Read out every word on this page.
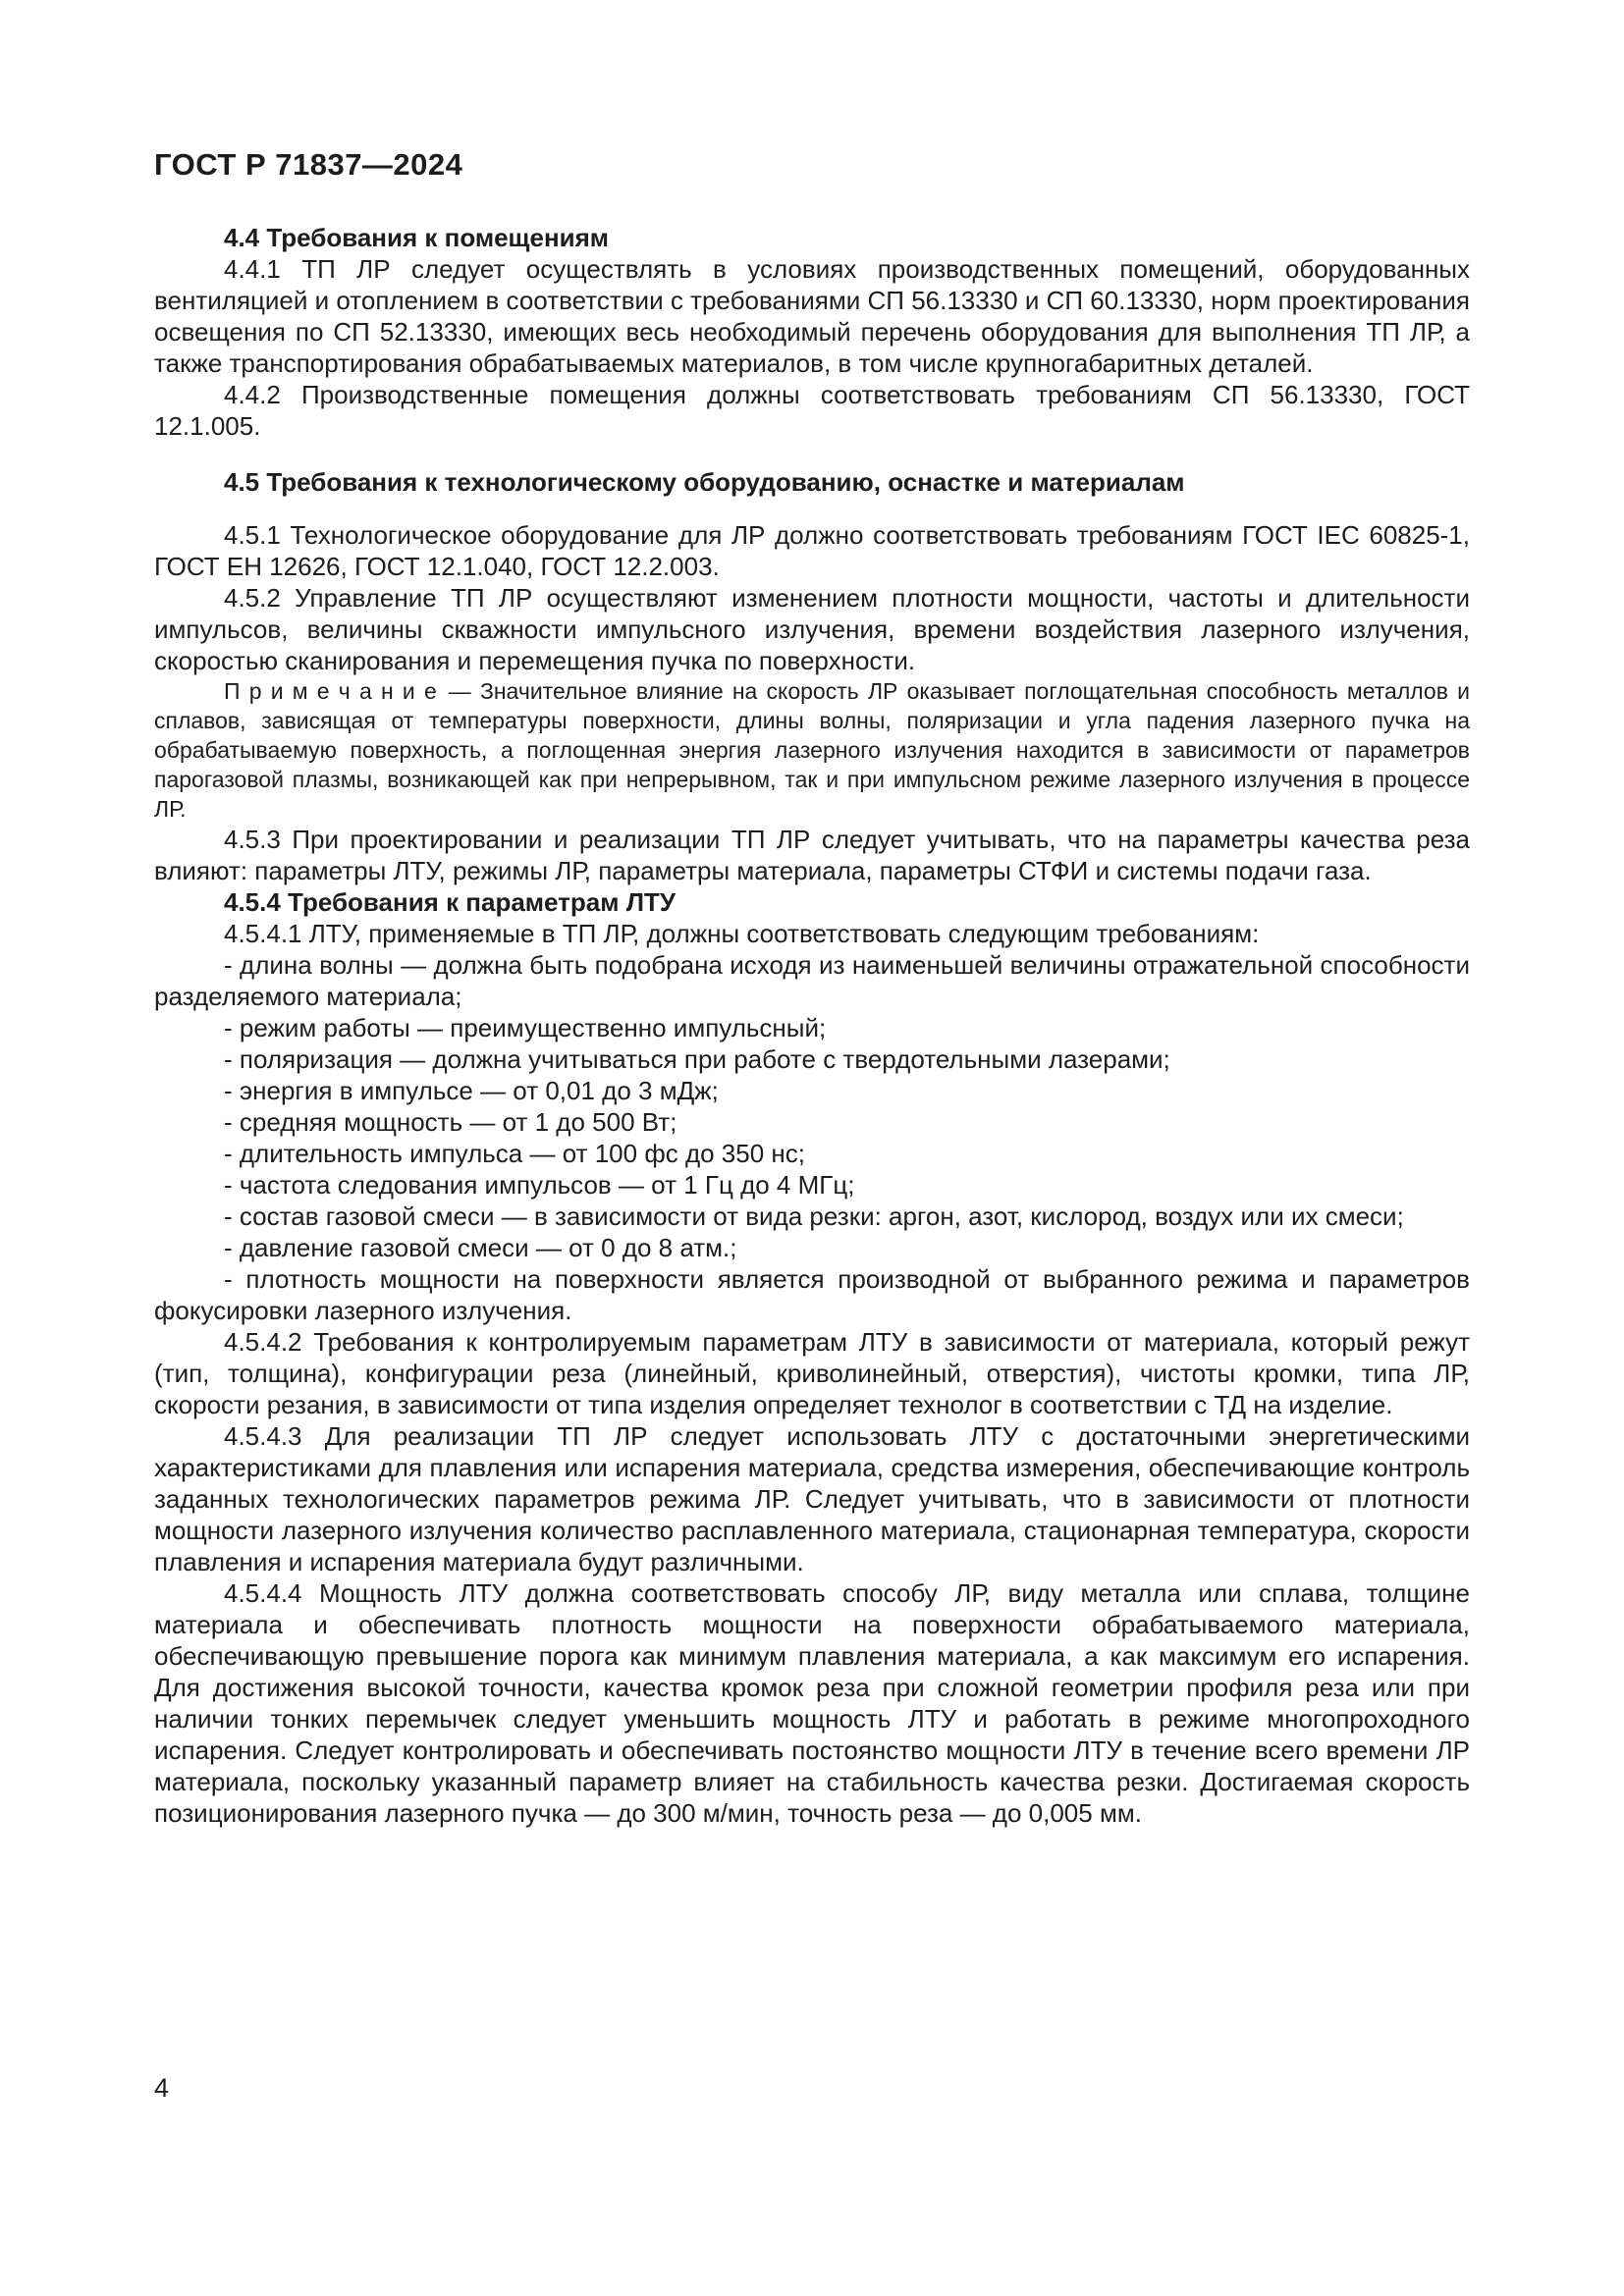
ГОСТ Р 71837—2024

4.4 Требования к помещениям

4.4.1 ТП ЛР следует осуществлять в условиях производственных помещений, оборудованных вентиляцией и отоплением в соответствии с требованиями СП 56.13330 и СП 60.13330, норм проектирования освещения по СП 52.13330, имеющих весь необходимый перечень оборудования для выполнения ТП ЛР, а также транспортирования обрабатываемых материалов, в том числе крупногабаритных деталей.

4.4.2 Производственные помещения должны соответствовать требованиям СП 56.13330, ГОСТ 12.1.005.

4.5 Требования к технологическому оборудованию, оснастке и материалам

4.5.1 Технологическое оборудование для ЛР должно соответствовать требованиям ГОСТ IEC 60825-1, ГОСТ ЕН 12626, ГОСТ 12.1.040, ГОСТ 12.2.003.

4.5.2 Управление ТП ЛР осуществляют изменением плотности мощности, частоты и длительности импульсов, величины скважности импульсного излучения, времени воздействия лазерного излучения, скоростью сканирования и перемещения пучка по поверхности.

П р и м е ч а н и е — Значительное влияние на скорость ЛР оказывает поглощательная способность металлов и сплавов, зависящая от температуры поверхности, длины волны, поляризации и угла падения лазерного пучка на обрабатываемую поверхность, а поглощенная энергия лазерного излучения находится в зависимости от параметров парогазовой плазмы, возникающей как при непрерывном, так и при импульсном режиме лазерного излучения в процессе ЛР.

4.5.3 При проектировании и реализации ТП ЛР следует учитывать, что на параметры качества реза влияют: параметры ЛТУ, режимы ЛР, параметры материала, параметры СТФИ и системы подачи газа.

4.5.4 Требования к параметрам ЛТУ

4.5.4.1 ЛТУ, применяемые в ТП ЛР, должны соответствовать следующим требованиям:

- длина волны — должна быть подобрана исходя из наименьшей величины отражательной способности разделяемого материала;

- режим работы — преимущественно импульсный;

- поляризация — должна учитываться при работе с твердотельными лазерами;

- энергия в импульсе — от 0,01 до 3 мДж;

- средняя мощность — от 1 до 500 Вт;

- длительность импульса — от 100 фс до 350 нс;

- частота следования импульсов — от 1 Гц до 4 МГц;

- состав газовой смеси — в зависимости от вида резки: аргон, азот, кислород, воздух или их смеси;

- давление газовой смеси — от 0 до 8 атм.;

- плотность мощности на поверхности является производной от выбранного режима и параметров фокусировки лазерного излучения.

4.5.4.2 Требования к контролируемым параметрам ЛТУ в зависимости от материала, который режут (тип, толщина), конфигурации реза (линейный, криволинейный, отверстия), чистоты кромки, типа ЛР, скорости резания, в зависимости от типа изделия определяет технолог в соответствии с ТД на изделие.

4.5.4.3 Для реализации ТП ЛР следует использовать ЛТУ с достаточными энергетическими характеристиками для плавления или испарения материала, средства измерения, обеспечивающие контроль заданных технологических параметров режима ЛР. Следует учитывать, что в зависимости от плотности мощности лазерного излучения количество расплавленного материала, стационарная температура, скорости плавления и испарения материала будут различными.

4.5.4.4 Мощность ЛТУ должна соответствовать способу ЛР, виду металла или сплава, толщине материала и обеспечивать плотность мощности на поверхности обрабатываемого материала, обеспечивающую превышение порога как минимум плавления материала, а как максимум его испарения. Для достижения высокой точности, качества кромок реза при сложной геометрии профиля реза или при наличии тонких перемычек следует уменьшить мощность ЛТУ и работать в режиме многопроходного испарения. Следует контролировать и обеспечивать постоянство мощности ЛТУ в течение всего времени ЛР материала, поскольку указанный параметр влияет на стабильность качества резки. Достигаемая скорость позиционирования лазерного пучка — до 300 м/мин, точность реза — до 0,005 мм.

4
